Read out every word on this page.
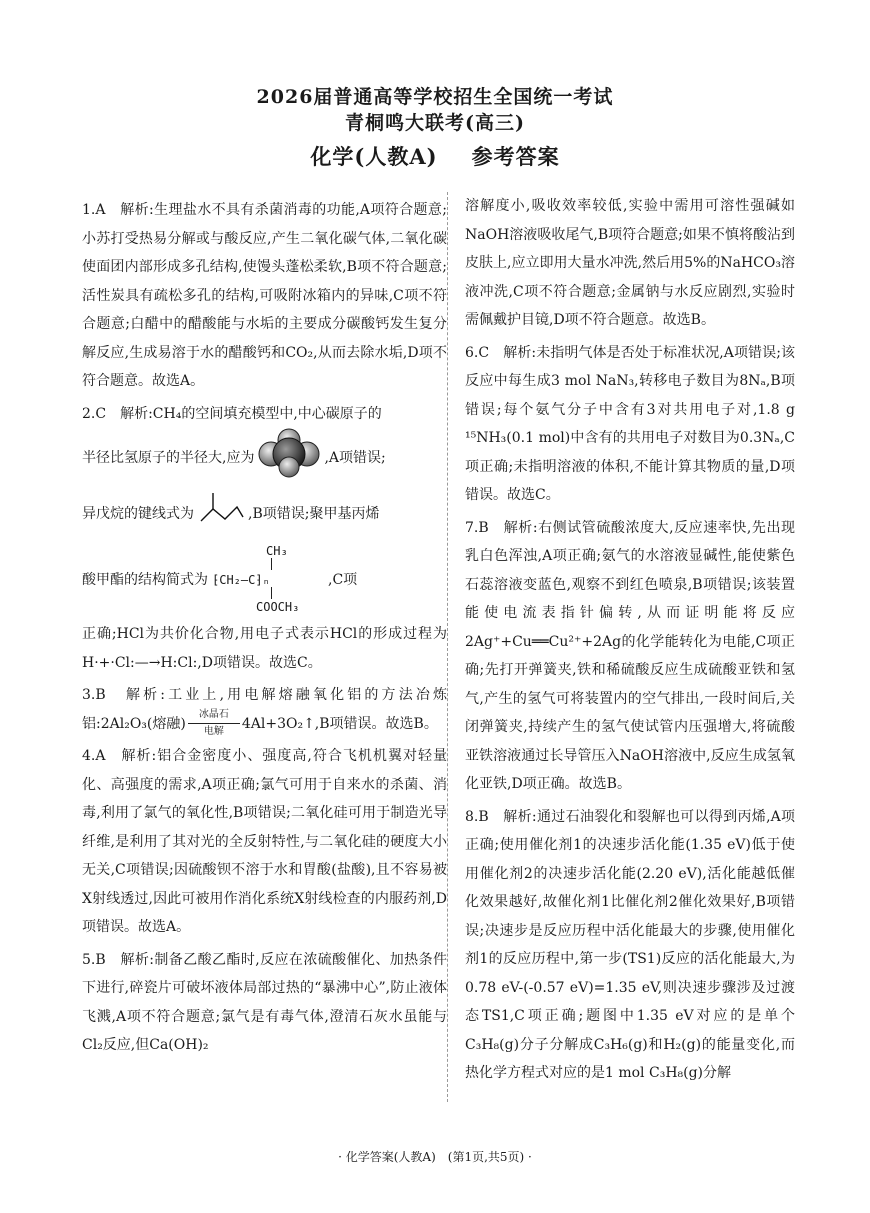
2026届普通高等学校招生全国统一考试
青桐鸣大联考(高三)
化学(人教A) 参考答案

1.A　解析:生理盐水不具有杀菌消毒的功能,A项符合题意;小苏打受热易分解或与酸反应,产生二氧化碳气体,二氧化碳使面团内部形成多孔结构,使馒头蓬松柔软,B项不符合题意;活性炭具有疏松多孔的结构,可吸附冰箱内的异味,C项不符合题意;白醋中的醋酸能与水垢的主要成分碳酸钙发生复分解反应,生成易溶于水的醋酸钙和CO₂,从而去除水垢,D项不符合题意。故选A。

2.C　解析:CH₄的空间填充模型中,中心碳原子的

半径比氢原子的半径大,应为	,A项错误;
异戊烷的键线式为	,B项错误;聚甲基丙烯
酸甲酯的结构简式为
CH₃
⁅CH₂—C⁆ₙ
COOCH₃
,C项

正确;HCl为共价化合物,用电子式表示HCl的形成过程为H·+·Cl:—→H:Cl:,D项错误。故选C。

3.B　解析:工业上,用电解熔融氧化铝的方法冶炼铝:2Al₂O₃(熔融)
冰晶石
电解	4Al+3O₂↑,B项错误。故选B。

4.A　解析:铝合金密度小、强度高,符合飞机机翼对轻量化、高强度的需求,A项正确;氯气可用于自来水的杀菌、消毒,利用了氯气的氧化性,B项错误;二氧化硅可用于制造光导纤维,是利用了其对光的全反射特性,与二氧化硅的硬度大小无关,C项错误;因硫酸钡不溶于水和胃酸(盐酸),且不容易被X射线透过,因此可被用作消化系统X射线检查的内服药剂,D项错误。故选A。

5.B　解析:制备乙酸乙酯时,反应在浓硫酸催化、加热条件下进行,碎瓷片可破坏液体局部过热的“暴沸中心”,防止液体飞溅,A项不符合题意;氯气是有毒气体,澄清石灰水虽能与Cl₂反应,但Ca(OH)₂

溶解度小,吸收效率较低,实验中需用可溶性强碱如NaOH溶液吸收尾气,B项符合题意;如果不慎将酸沾到皮肤上,应立即用大量水冲洗,然后用5%的NaHCO₃溶液冲洗,C项不符合题意;金属钠与水反应剧烈,实验时需佩戴护目镜,D项不符合题意。故选B。

6.C　解析:未指明气体是否处于标准状况,A项错误;该反应中每生成3 mol NaN₃,转移电子数目为8Nₐ,B项错误;每个氨气分子中含有3对共用电子对,1.8 g ¹⁵NH₃(0.1 mol)中含有的共用电子对数目为0.3Nₐ,C项正确;未指明溶液的体积,不能计算其物质的量,D项错误。故选C。

7.B　解析:右侧试管硫酸浓度大,反应速率快,先出现乳白色浑浊,A项正确;氨气的水溶液显碱性,能使紫色石蕊溶液变蓝色,观察不到红色喷泉,B项错误;该装置能使电流表指针偏转,从而证明能将反应2Ag⁺+Cu══Cu²⁺+2Ag的化学能转化为电能,C项正确;先打开弹簧夹,铁和稀硫酸反应生成硫酸亚铁和氢气,产生的氢气可将装置内的空气排出,一段时间后,关闭弹簧夹,持续产生的氢气使试管内压强增大,将硫酸亚铁溶液通过长导管压入NaOH溶液中,反应生成氢氧化亚铁,D项正确。故选B。

8.B　解析:通过石油裂化和裂解也可以得到丙烯,A项正确;使用催化剂1的决速步活化能(1.35 eV)低于使用催化剂2的决速步活化能(2.20 eV),活化能越低催化效果越好,故催化剂1比催化剂2催化效果好,B项错误;决速步是反应历程中活化能最大的步骤,使用催化剂1的反应历程中,第一步(TS1)反应的活化能最大,为0.78 eV-(-0.57 eV)=1.35 eV,则决速步骤涉及过渡态TS1,C项正确;题图中1.35 eV对应的是单个C₃H₈(g)分子分解成C₃H₆(g)和H₂(g)的能量变化,而热化学方程式对应的是1 mol C₃H₈(g)分解

· 化学答案(人教A)　(第1页,共5页) ·
